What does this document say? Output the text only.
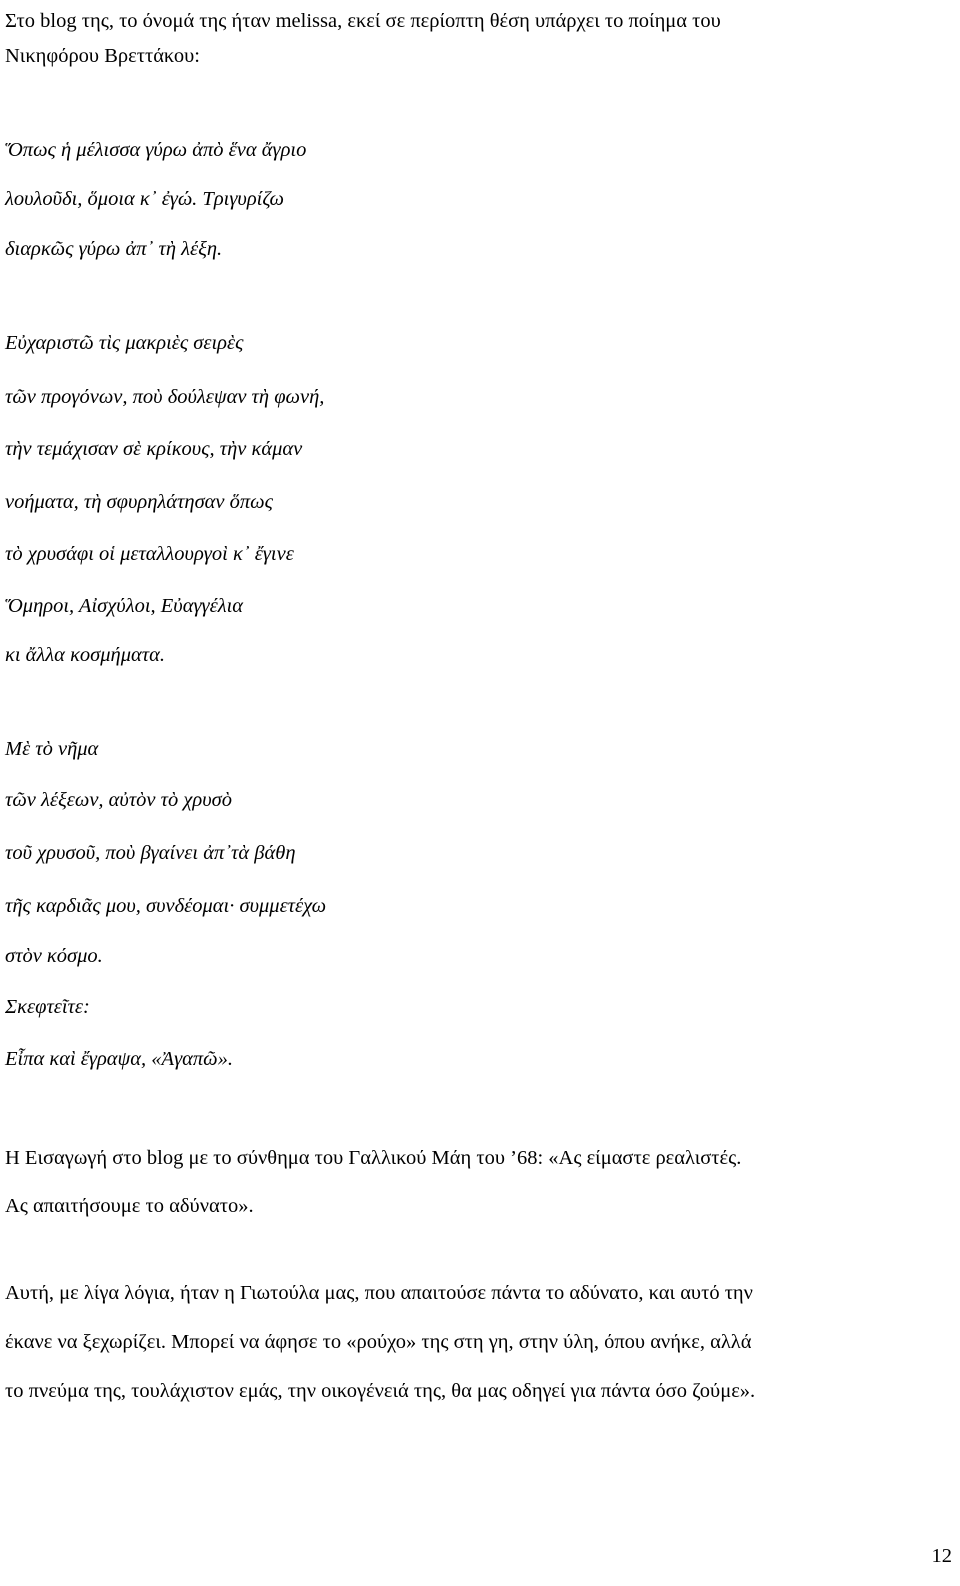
Στο blog της, το όνομά της ήταν melissa, εκεί σε περίοπτη θέση υπάρχει το ποίημα του
Νικηφόρου Βρεττάκου:
Ὅπως ἡ μέλισσα γύρω ἀπὸ ἕνα ἄγριο
λουλοῦδι, ὅμοια κ᾽ ἐγώ. Τριγυρίζω
διαρκῶς γύρω ἀπ᾽ τὴ λέξη.
Εὐχαριστῶ τὶς μακριὲς σειρὲς
τῶν προγόνων, ποὺ δούλεψαν τὴ φωνή,
τὴν τεμάχισαν σὲ κρίκους, τὴν κάμαν
νοήματα, τὴ σφυρηλάτησαν ὅπως
τὸ χρυσάφι οἱ μεταλλουργοὶ κ᾽ ἔγινε
Ὅμηροι, Αἰσχύλοι, Εὐαγγέλια
κι ἄλλα κοσμήματα.
Μὲ τὸ νῆμα
τῶν λέξεων, αὐτὸν τὸ χρυσὸ
τοῦ χρυσοῦ, ποὺ βγαίνει ἀπ᾽τὰ βάθη
τῆς καρδιᾶς μου, συνδέομαι· συμμετέχω
στὸν κόσμο.
Σκεφτεῖτε:
Εἶπα καὶ ἔγραψα, «Ἀγαπῶ».
Η Εισαγωγή στο blog με το σύνθημα του Γαλλικού Μάη του ’68: «Ας είμαστε ρεαλιστές.
Ας απαιτήσουμε το αδύνατο».
Αυτή, με λίγα λόγια, ήταν η Γιωτούλα μας, που απαιτούσε πάντα το αδύνατο, και αυτό την
έκανε να ξεχωρίζει. Μπορεί να άφησε το «ρούχο» της στη γη, στην ύλη, όπου ανήκε, αλλά
το πνεύμα της, τουλάχιστον εμάς, την οικογένειά της, θα μας οδηγεί για πάντα όσο ζούμε».
12
